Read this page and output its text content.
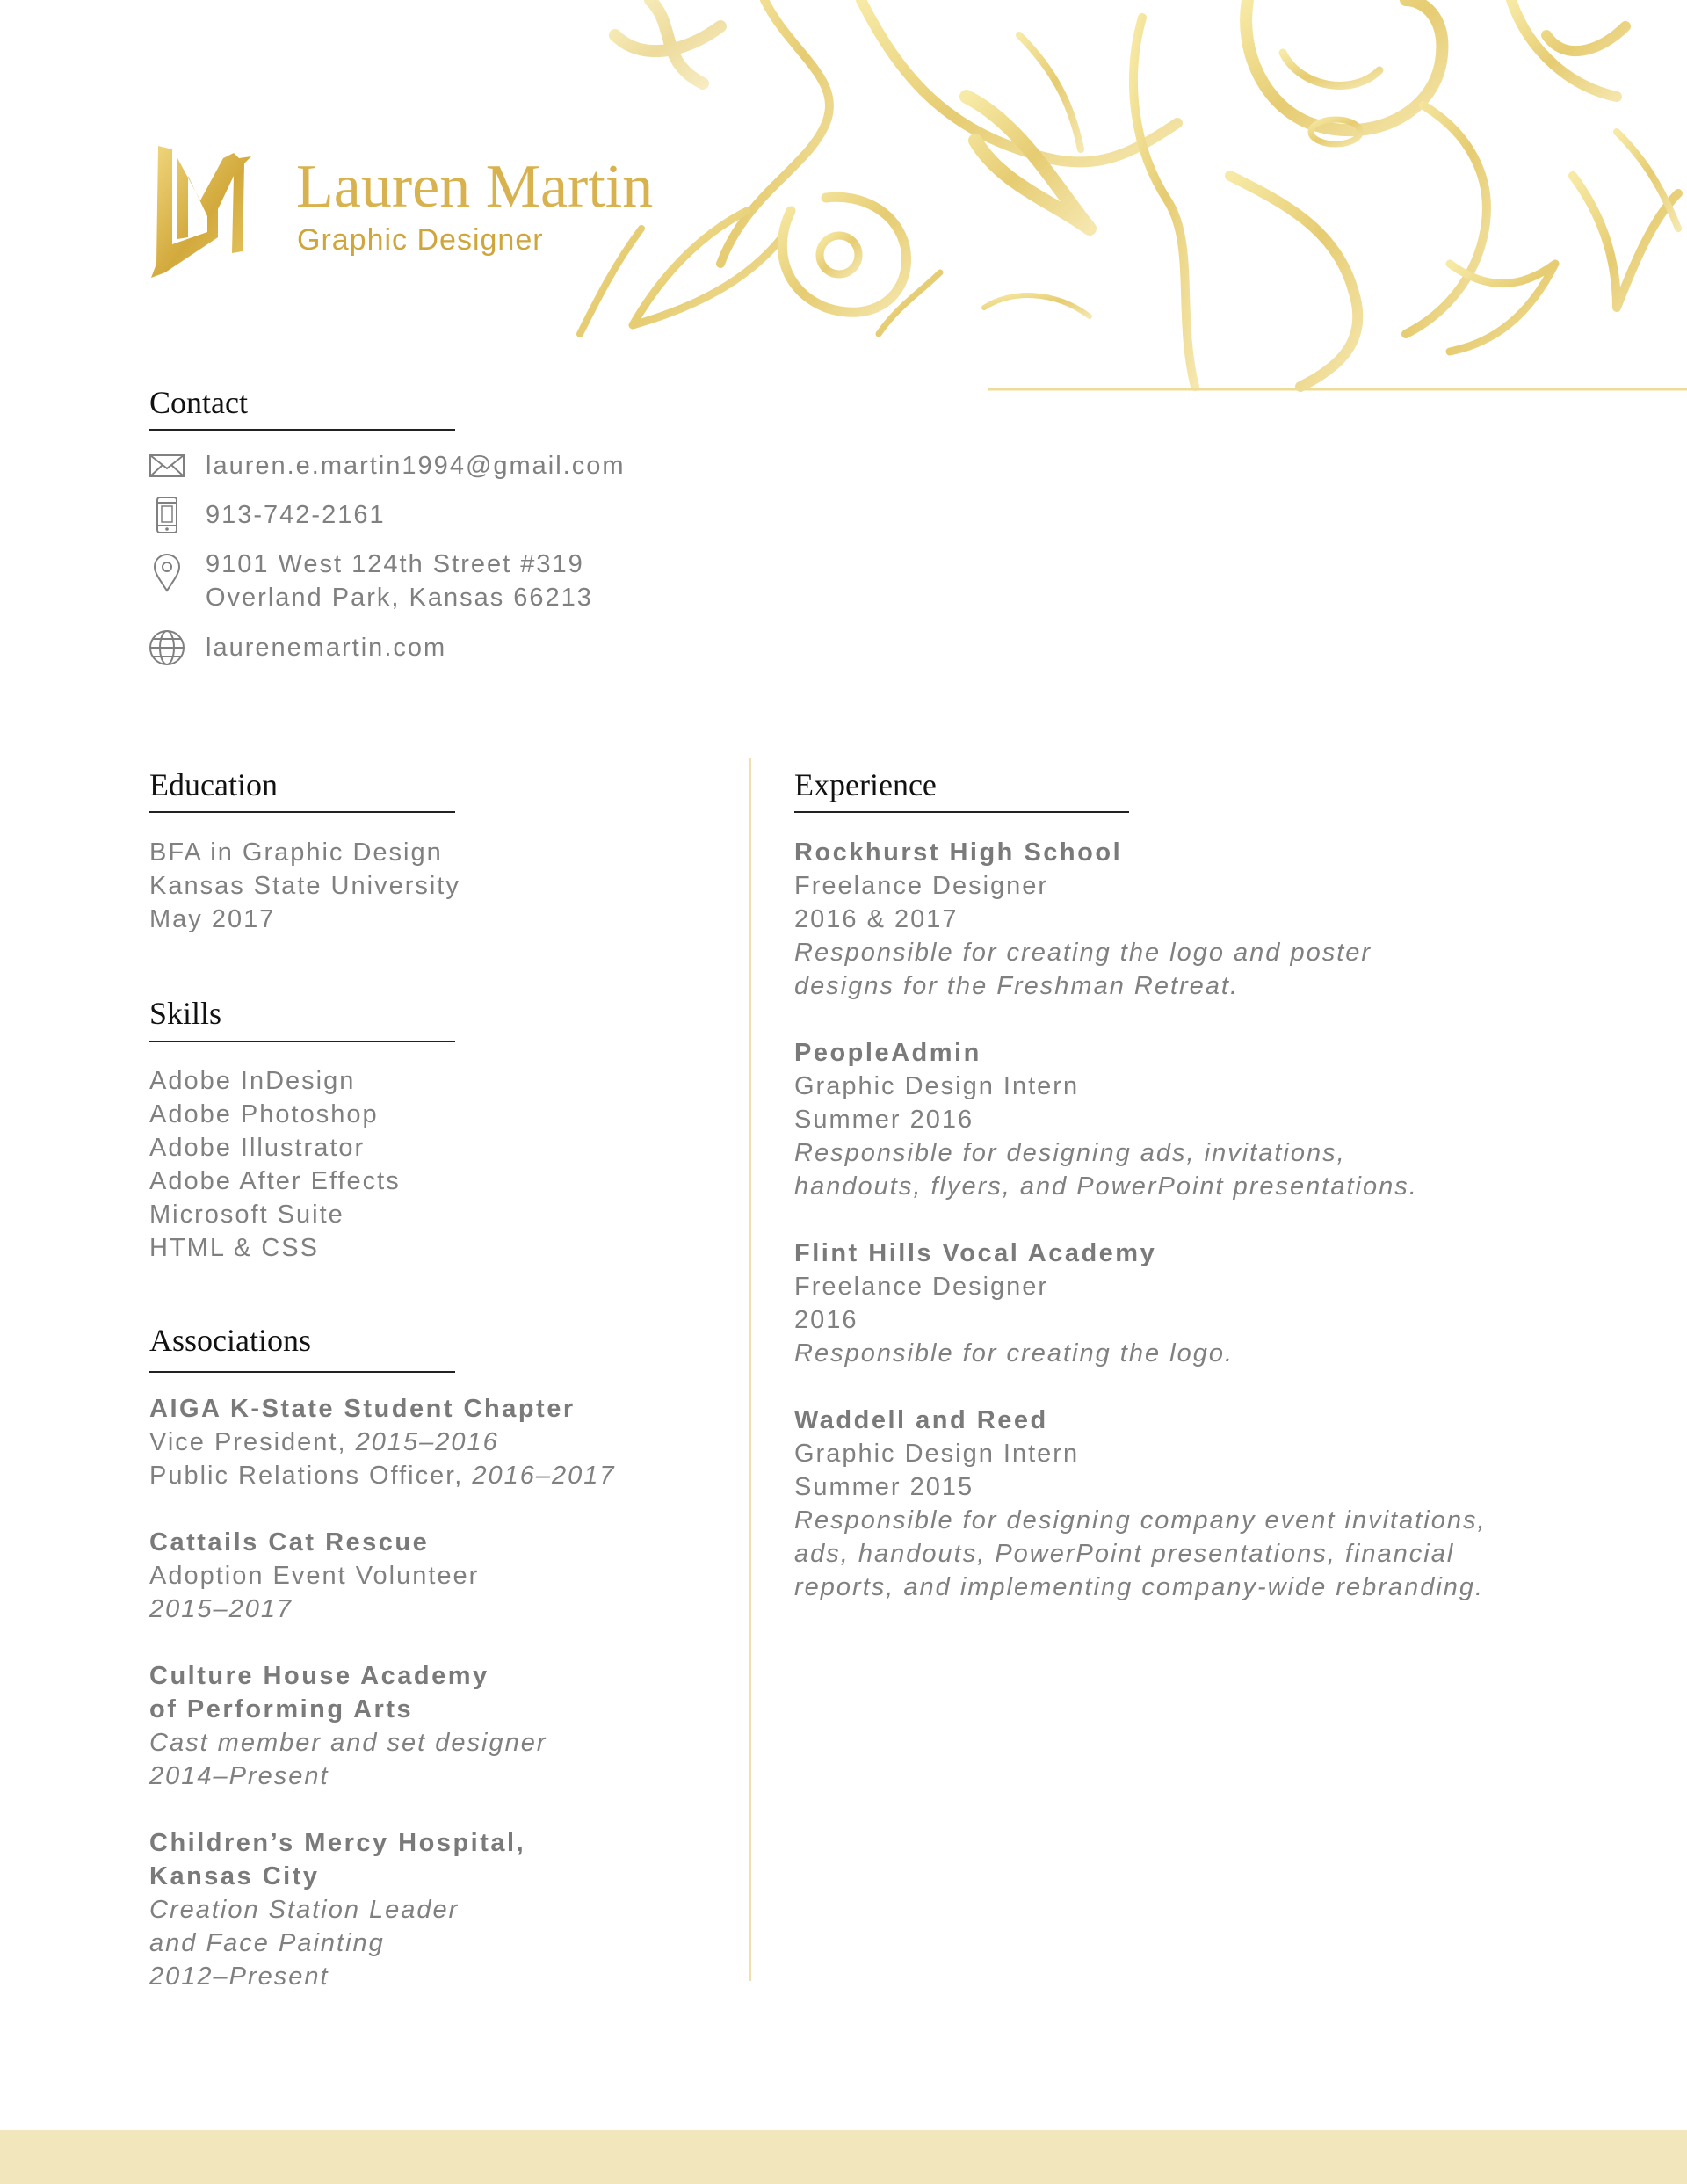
Lauren Martin
Graphic Designer
Contact
lauren.e.martin1994@gmail.com
913-742-2161
9101 West 124th Street #319
Overland Park, Kansas 66213
laurenemartin.com
Education
BFA in Graphic Design
Kansas State University
May 2017
Skills
Adobe InDesign
Adobe Photoshop
Adobe Illustrator
Adobe After Effects
Microsoft Suite
HTML & CSS
Associations
AIGA K-State Student Chapter
Vice President, 2015–2016
Public Relations Officer, 2016–2017
Cattails Cat Rescue
Adoption Event Volunteer
2015–2017
Culture House Academy
of Performing Arts
Cast member and set designer
2014–Present
Children’s Mercy Hospital,
Kansas City
Creation Station Leader
and Face Painting
2012–Present
Experience
Rockhurst High School
Freelance Designer
2016 & 2017
Responsible for creating the logo and poster
designs for the Freshman Retreat.
PeopleAdmin
Graphic Design Intern
Summer 2016
Responsible for designing ads, invitations,
handouts, flyers, and PowerPoint presentations.
Flint Hills Vocal Academy
Freelance Designer
2016
Responsible for creating the logo.
Waddell and Reed
Graphic Design Intern
Summer 2015
Responsible for designing company event invitations,
ads, handouts, PowerPoint presentations, financial
reports, and implementing company-wide rebranding.
